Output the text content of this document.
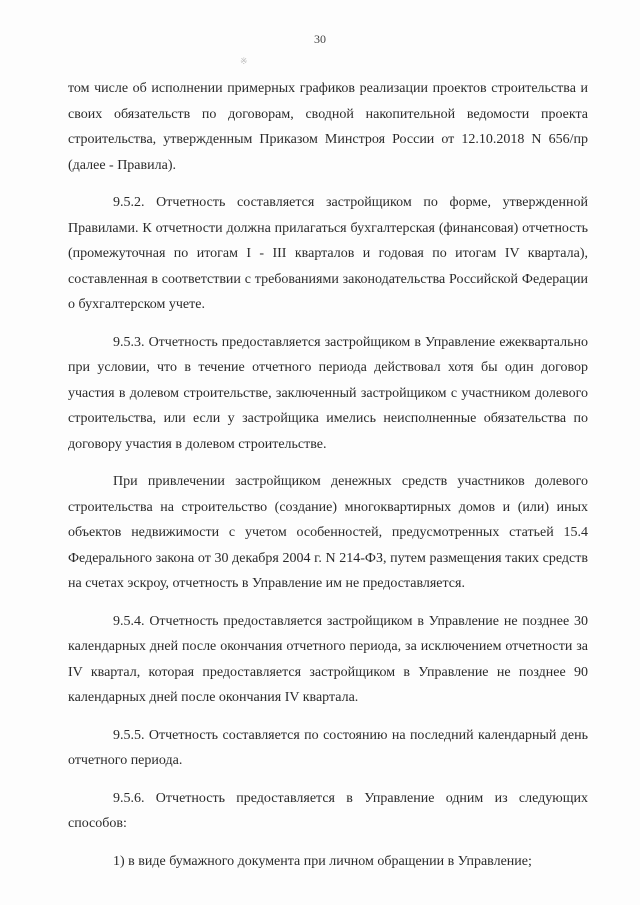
30
※

том числе об исполнении примерных графиков реализации проектов строительства и своих обязательств по договорам, сводной накопительной ведомости проекта строительства, утвержденным Приказом Минстроя России от 12.10.2018 N 656/пр (далее - Правила).

9.5.2. Отчетность составляется застройщиком по форме, утвержденной Правилами. К отчетности должна прилагаться бухгалтерская (финансовая) отчетность (промежуточная по итогам I - III кварталов и годовая по итогам IV квартала), составленная в соответствии с требованиями законодательства Российской Федерации о бухгалтерском учете.

9.5.3. Отчетность предоставляется застройщиком в Управление ежеквартально при условии, что в течение отчетного периода действовал хотя бы один договор участия в долевом строительстве, заключенный застройщиком с участником долевого строительства, или если у застройщика имелись неисполненные обязательства по договору участия в долевом строительстве.

При привлечении застройщиком денежных средств участников долевого строительства на строительство (создание) многоквартирных домов и (или) иных объектов недвижимости с учетом особенностей, предусмотренных статьей 15.4 Федерального закона от 30 декабря 2004 г. N 214-ФЗ, путем размещения таких средств на счетах эскроу, отчетность в Управление им не предоставляется.

9.5.4. Отчетность предоставляется застройщиком в Управление не позднее 30 календарных дней после окончания отчетного периода, за исключением отчетности за IV квартал, которая предоставляется застройщиком в Управление не позднее 90 календарных дней после окончания IV квартала.

9.5.5. Отчетность составляется по состоянию на последний календарный день отчетного периода.

9.5.6. Отчетность предоставляется в Управление одним из следующих способов:

1) в виде бумажного документа при личном обращении в Управление;
